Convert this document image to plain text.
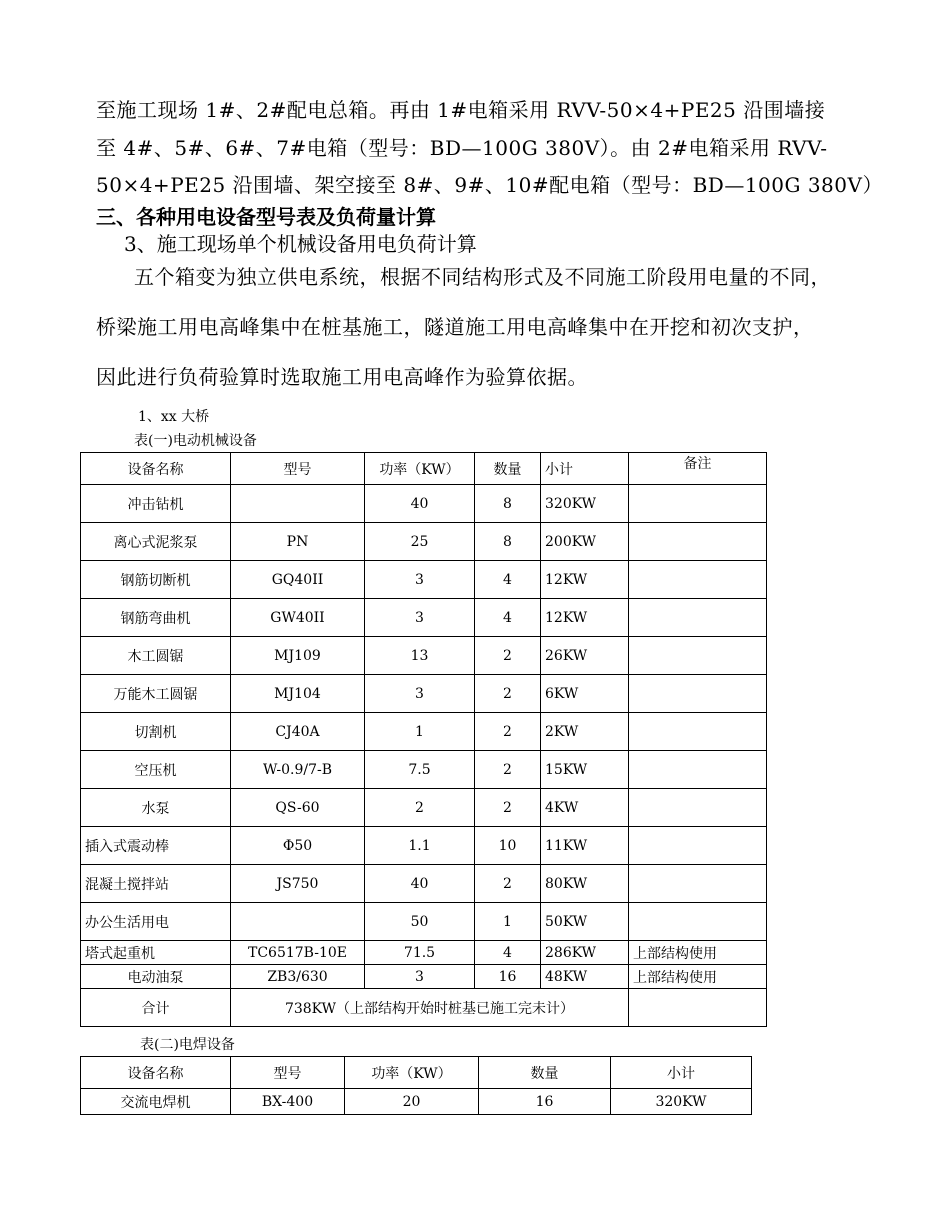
至施工现场 1#、2#配电总箱。再由 1#电箱采用 RVV-50×4+PE25 沿围墙接
至 4#、5#、6#、7#电箱（型号：BD—100G 380V）。由 2#电箱采用 RVV-
50×4+PE25 沿围墙、架空接至 8#、9#、10#配电箱（型号：BD—100G 380V）
三、各种用电设备型号表及负荷量计算
3、施工现场单个机械设备用电负荷计算
五个箱变为独立供电系统，根据不同结构形式及不同施工阶段用电量的不同，
桥梁施工用电高峰集中在桩基施工，隧道施工用电高峰集中在开挖和初次支护，
因此进行负荷验算时选取施工用电高峰作为验算依据。
1、xx 大桥
表(一)电动机械设备
设备名称	型号	功率（KW）	数量	小计	备注
冲击钻机		40	8	320KW	
离心式泥浆泵	PN	25	8	200KW	
钢筋切断机	GQ40II	3	4	12KW	
钢筋弯曲机	GW40II	3	4	12KW	
木工圆锯	MJ109	13	2	26KW	
万能木工圆锯	MJ104	3	2	6KW	
切割机	CJ40A	1	2	2KW	
空压机	W-0.9/7-B	7.5	2	15KW	
水泵	QS-60	2	2	4KW	
插入式震动棒	Φ50	1.1	10	11KW	
混凝土搅拌站	JS750	40	2	80KW	
办公生活用电		50	1	50KW	
塔式起重机	TC6517B-10E	71.5	4	286KW	上部结构使用
电动油泵	ZB3/630	3	16	48KW	上部结构使用
合计	738KW（上部结构开始时桩基已施工完未计）				
表(二)电焊设备
设备名称	型号	功率（KW）	数量	小计
交流电焊机	BX-400	20	16	320KW
